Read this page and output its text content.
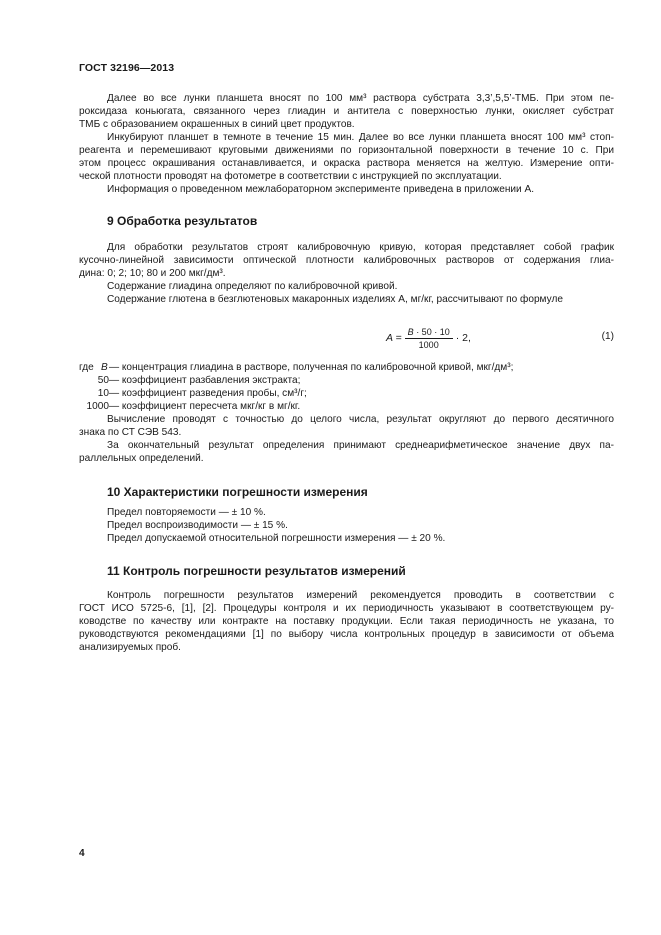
ГОСТ 32196—2013
Далее во все лунки планшета вносят по 100 мм³ раствора субстрата 3,3’,5,5’-ТМБ. При этом пе-
роксидаза коньюгата, связанного через глиадин и антитела с поверхностью лунки, окисляет субстрат
ТМБ с образованием окрашенных в синий цвет продуктов.
Инкубируют планшет в темноте в течение 15 мин. Далее во все лунки планшета вносят 100 мм³ стоп-
реагента и перемешивают круговыми движениями по горизонтальной поверхности в течение 10 с. При
этом процесс окрашивания останавливается, и окраска раствора меняется на желтую. Измерение опти-
ческой плотности проводят на фотометре в соответствии с инструкцией по эксплуатации.
Информация о проведенном межлабораторном эксперименте приведена в приложении А.
9 Обработка результатов
Для обработки результатов строят калибровочную кривую, которая представляет собой график
кусочно-линейной зависимости оптической плотности калибровочных растворов от содержания глиа-
дина: 0; 2; 10; 80 и 200 мкг/дм³.
Содержание глиадина определяют по калибровочной кривой.
Содержание глютена в безглютеновых макаронных изделиях А, мг/кг, рассчитывают по формуле
$A = \frac{B \cdot 50 \cdot 10}{1000} \cdot 2$,	(1)
где B — концентрация глиадина в растворе, полученная по калибровочной кривой, мкг/дм³;
50 — коэффициент разбавления экстракта;
10 — коэффициент разведения пробы, см³/г;
1000 — коэффициент пересчета мкг/кг в мг/кг.
Вычисление проводят с точностью до целого числа, результат округляют до первого десятичного
знака по СТ СЭВ 543.
За окончательный результат определения принимают среднеарифметическое значение двух па-
раллельных определений.
10 Характеристики погрешности измерения
Предел повторяемости — ± 10 %.
Предел воспроизводимости — ± 15 %.
Предел допускаемой относительной погрешности измерения — ± 20 %.
11 Контроль погрешности результатов измерений
Контроль погрешности результатов измерений рекомендуется проводить в соответствии с
ГОСТ ИСО 5725-6, [1], [2]. Процедуры контроля и их периодичность указывают в соответствующем ру-
ководстве по качеству или контракте на поставку продукции. Если такая периодичность не указана, то
руководствуются рекомендациями [1] по выбору числа контрольных процедур в зависимости от объема
анализируемых проб.
4
